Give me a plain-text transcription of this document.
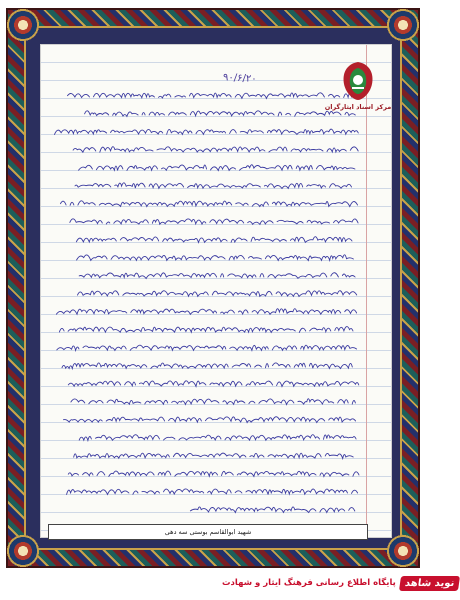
۹۰/۶/۲۰
مرکز اسناد ایثارگران
شهید ابوالقاسم بوستی سه دهی
نوید شاهد
پایگاه اطلاع رسانی فرهنگ ایثار و شهادت
